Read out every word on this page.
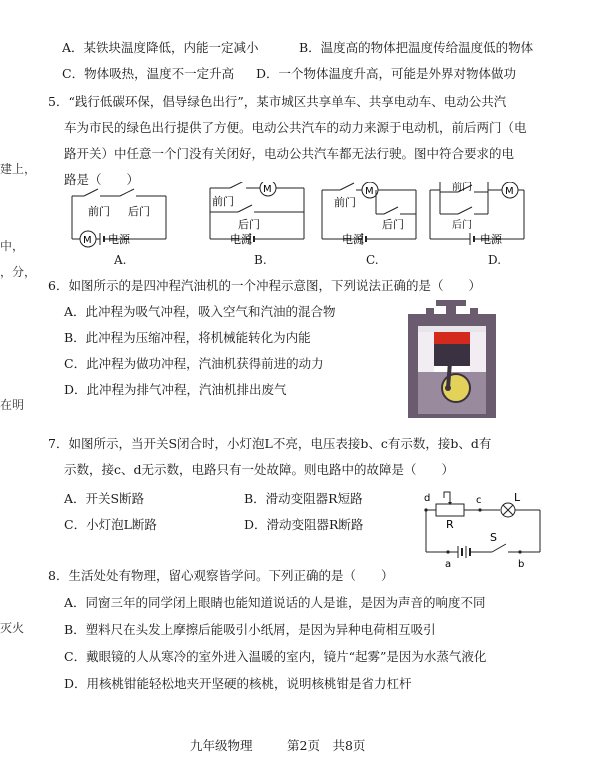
建上，
中，
，分，
在明
灭火
A．某铁块温度降低，内能一定减小	B．温度高的物体把温度传给温度低的物体
C．物体吸热，温度不一定升高 D．一个物体温度升高，可能是外界对物体做功
5．“践行低碳环保，倡导绿色出行”，某市城区共享单车、共享电动车、电动公共汽
车为市民的绿色出行提供了方便。电动公共汽车的动力来源于电动机，前后两门（电
路开关）中任意一个门没有关闭好，电动公共汽车都无法行驶。图中符合要求的电
路是（　　）
前门 后门
M 电源
A.
前门
M
后门
电源
B.
前门
M
后门
电源
C.
前门
后门
M
电源
D.
6．如图所示的是四冲程汽油机的一个冲程示意图，下列说法正确的是（　　）
A．此冲程为吸气冲程，吸入空气和汽油的混合物
B．此冲程为压缩冲程，将机械能转化为内能
C．此冲程为做功冲程，汽油机获得前进的动力
D．此冲程为排气冲程，汽油机排出废气
7．如图所示，当开关S闭合时，小灯泡L不亮，电压表接b、c有示数，接b、d有
示数，接c、d无示数，电路只有一处故障。则电路中的故障是（　　）
A．开关S断路	B．滑动变阻器R短路
C．小灯泡L断路	D．滑动变阻器R断路
d	c	L
R
a
S
b
8．生活处处有物理，留心观察皆学问。下列正确的是（　　）
A．同窗三年的同学闭上眼睛也能知道说话的人是谁，是因为声音的响度不同
B．塑料尺在头发上摩擦后能吸引小纸屑，是因为异种电荷相互吸引
C．戴眼镜的人从寒冷的室外进入温暖的室内，镜片“起雾”是因为水蒸气液化
D．用核桃钳能轻松地夹开坚硬的核桃，说明核桃钳是省力杠杆
九年级物理	第2页　共8页
